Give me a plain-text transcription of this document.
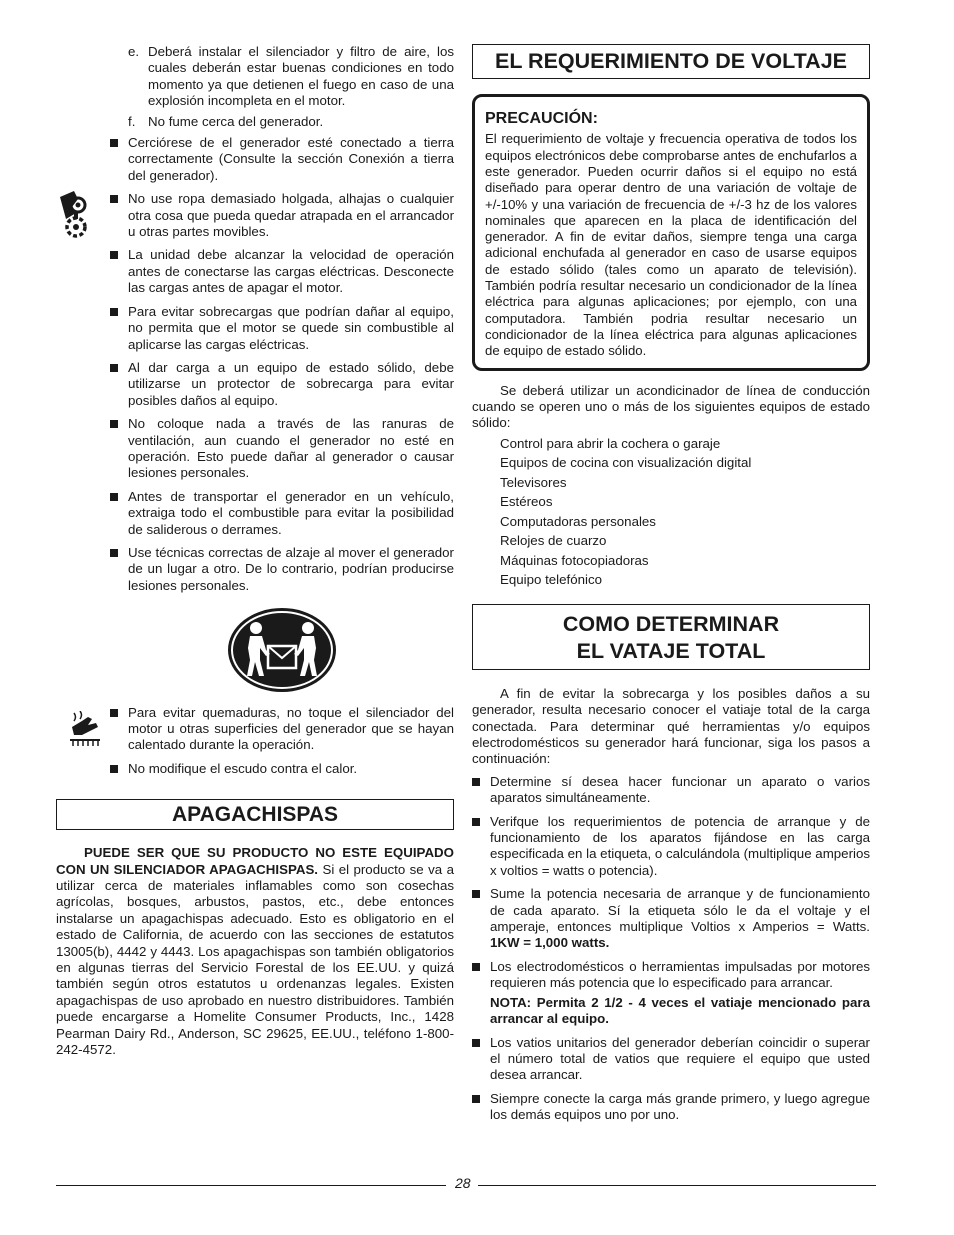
e. Deberá instalar el silenciador y filtro de aire, los cuales deberán estar buenas condiciones en todo momento ya que detienen el fuego en caso de una explosión incompleta en el motor.
f. No fume cerca del generador.
Cerciórese de el generador esté conectado a tierra correctamente (Consulte la sección Conexión a tierra del generador).
No use ropa demasiado holgada, alhajas o cualquier otra cosa que pueda quedar atrapada en el arrancador u otras partes movibles.
La unidad debe alcanzar la velocidad de operación antes de conectarse las cargas eléctricas. Desconecte las cargas antes de apagar el motor.
Para evitar sobrecargas que podrían dañar al equipo, no permita que el motor se quede sin combustible al aplicarse las cargas eléctricas.
Al dar carga a un equipo de estado sólido, debe utilizarse un protector de sobrecarga para evitar posibles daños al equipo.
No coloque nada a través de las ranuras de ventilación, aun cuando el generador no esté en operación. Esto puede dañar al generador o causar lesiones personales.
Antes de transportar el generador en un vehículo, extraiga todo el combustible para evitar la posibilidad de saliderous o derrames.
Use técnicas correctas de alzaje al mover el generador de un lugar a otro. De lo contrario, podrían producirse lesiones personales.
Para evitar quemaduras, no toque el silenciador del motor u otras superficies del generador que se hayan calentado durante la operación.
No modifique el escudo contra el calor.
APAGACHISPAS
PUEDE SER QUE SU PRODUCTO NO ESTE EQUIPADO CON UN SILENCIADOR APAGACHISPAS. Si el producto se va a utilizar cerca de materiales inflamables como son cosechas agrícolas, bosques, arbustos, pastos, etc., debe entonces instalarse un apagachispas adecuado. Esto es obligatorio en el estado de California, de acuerdo con las secciones de estatutos 13005(b), 4442 y 4443. Los apagachispas son también obligatorios en algunas tierras del Servicio Forestal de los EE.UU. y quizá también según otros estatutos u ordenanzas legales. Existen apagachispas de uso aprobado en nuestro distribuidores. También puede encargarse a Homelite Consumer Products, Inc., 1428 Pearman Dairy Rd., Anderson, SC 29625, EE.UU., teléfono 1-800-242-4572.
EL REQUERIMIENTO DE VOLTAJE
PRECAUCIÓN:
El requerimiento de voltaje y frecuencia operativa de todos los equipos electrónicos debe comprobarse antes de enchufarlos a este generador. Pueden ocurrir daños si el equipo no está diseñado para operar dentro de una variación de voltaje de +/-10% y una variación de frecuencia de +/-3 hz de los valores nominales que aparecen en la placa de identificación del generador. A fin de evitar daños, siempre tenga una carga adicional enchufada al generador en caso de usarse equipos de estado sólido (tales como un aparato de televisión). También podría resultar necesario un condicionador de la línea eléctrica para algunas aplicaciones; por ejemplo, con una computadora. También podria resultar necesario un condicionador de la línea eléctrica para algunas aplicaciones de equipo de estado sólido.
Se deberá utilizar un acondicinador de línea de conducción cuando se operen uno o más de los siguientes equipos de estado sólido:
Control para abrir la cochera o garaje
Equipos de cocina con visualización digital
Televisores
Estéreos
Computadoras personales
Relojes de cuarzo
Máquinas fotocopiadoras
Equipo telefónico
COMO DETERMINAR
EL VATAJE TOTAL
A fin de evitar la sobrecarga y los posibles daños a su generador, resulta necesario conocer el vatiaje total de la carga conectada. Para determinar qué herramientas y/o equipos electrodomésticos su generador hará funcionar, siga los pasos a continuación:
Determine sí desea hacer funcionar un aparato o varios aparatos simultáneamente.
Verifque los requerimientos de potencia de arranque y de funcionamiento de los aparatos fijándose en las carga especificada en la etiqueta, o calculándola (multiplique amperios x voltios = watts o potencia).
Sume la potencia necesaria de arranque y de funcionamiento de cada aparato. Sí la etiqueta sólo le da el voltaje y el amperaje, entonces multiplique Voltios x Amperios = Watts. 1KW = 1,000 watts.
Los electrodomésticos o herramientas impulsadas por motores requieren más potencia que lo especificado para arrancar.
NOTA: Permita 2 1/2 - 4 veces el vatiaje mencionado para arrancar al equipo.
Los vatios unitarios del generador deberían coincidir o superar el número total de vatios que requiere el equipo que usted desea arrancar.
Siempre conecte la carga más grande primero, y luego agregue los demás equipos uno por uno.
28
